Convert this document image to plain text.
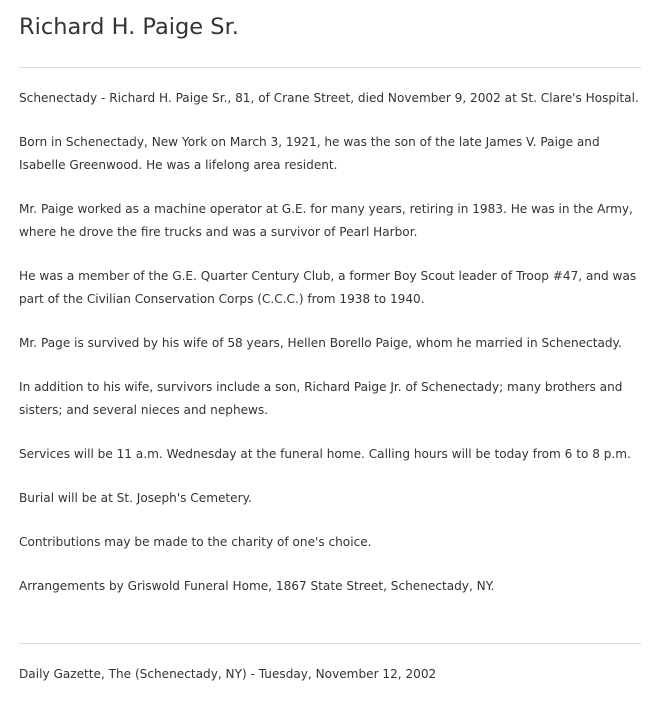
Richard H. Paige Sr.

Schenectady - Richard H. Paige Sr., 81, of Crane Street, died November 9, 2002 at St. Clare's Hospital.

Born in Schenectady, New York on March 3, 1921, he was the son of the late James V. Paige and Isabelle Greenwood. He was a lifelong area resident.

Mr. Paige worked as a machine operator at G.E. for many years, retiring in 1983. He was in the Army, where he drove the fire trucks and was a survivor of Pearl Harbor.

He was a member of the G.E. Quarter Century Club, a former Boy Scout leader of Troop #47, and was part of the Civilian Conservation Corps (C.C.C.) from 1938 to 1940.

Mr. Page is survived by his wife of 58 years, Hellen Borello Paige, whom he married in Schenectady.

In addition to his wife, survivors include a son, Richard Paige Jr. of Schenectady; many brothers and sisters; and several nieces and nephews.

Services will be 11 a.m. Wednesday at the funeral home. Calling hours will be today from 6 to 8 p.m.

Burial will be at St. Joseph's Cemetery.

Contributions may be made to the charity of one's choice.

Arrangements by Griswold Funeral Home, 1867 State Street, Schenectady, NY.

Daily Gazette, The (Schenectady, NY) - Tuesday, November 12, 2002
